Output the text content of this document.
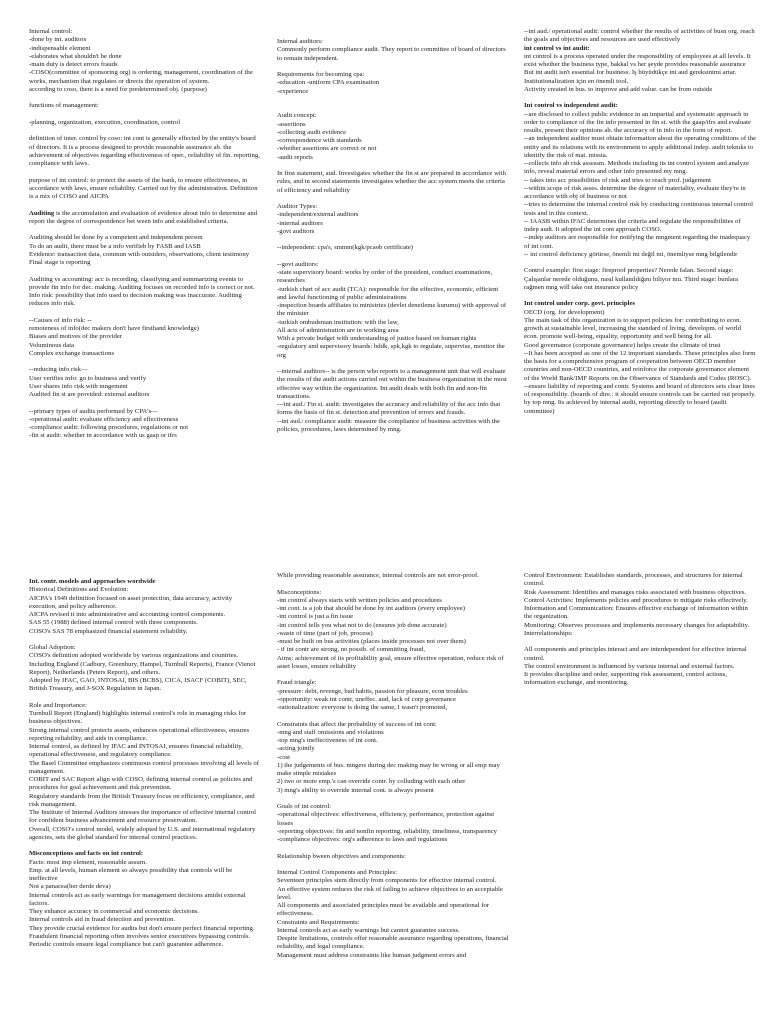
Internal control:

-done by int. auditors

-indispensable element

-elaborates what shouldn't be done

-main duty is detect errors frauds

-COSO(committee of sponsoring org) is ordering, management, coordination of the works, mechanism that regulates or directs the operation of system.

according to coso, there is a need for predetermined obj. (purpose)

functions of management:

-planning, organization, execution, coordination, control

definition of inter. control by coso: int cont is generally effected by the entity's board of directors. It is a process designed to provide reasonable assurance ab. the achievement of objectives regarding effectiveness of oper., reliability of fin. reporting, compliance with laws.

purpose of int control: to protect the assets of the bank, to ensure effectiveness, in accordance with laws, ensure reliability. Carried out by the administration. Definition is a mix of COSO and AICPA

Auditing is the accumulation and evaluation of evidence about info to determine and report the degree of correspondence bet ween info and established criteria.

Auditing should be done by a competent and independent person

To do an audit, there must be a info verifieb by FASB and IASB

Evidence: transaction data, commun with outsiders, observations, client testimony

Final stage is reporting

Auditing vs accounting: acc is recording, classifying and summarizing events to provide fin info for dec. making. Auditing focuses on recorded info is correct or not.

Info risk: possibility that info used to decision making was inaccurate. Auditing reduces info risk.

--Causes of info risk: --

remoteness of info(dec makers don't have firsthand knowledge)

Biases and motives of the provider

Voluminous data

Complex exchange transactions

--reducing info risk—

User verifies info: go to business and verify

User shares info risk with mngement

Audited fin st are provided: external auditors

--primary types of audits performed by CPA's—

-operational audit: evaluate efficiency and effectiveness

-compliance audit: following procedures, regulations or not

-fin st audit: whether in accordance with us gaap or ifrs

Internal auditors:

Commonly perform compliance audit. They report to committee of board of directors to remain independent.

Requirements for becoming cpa:

-education -uniform CPA examination

-experience

Audit concept:

-assertions

-collecting audit evidence

-correspondence with standards

-whether assertions are correct or not

-audit reports

In first statement, aud. Investigates whether the fin st are prepared in accordance with rules, and in second statements investigates whether the acc system meets the criteria of efficiency and reliability

Auditor Types:

-independent/external auditors

-internal auditors

-govt auditors

--independent: cpa's, smmm(kgk/pcaob certificate)

--govt auditors:

-state supervisory board: works by order of the president, conduct examinations, researches

-turkish chart of acc audit (TCA): responsible for the effective, economic, efficient and lawful functioning of public administrations

-inspection boards affiliates to ministries (devlet denetleme kurumu) with approval of the minister

-turkish ombudsman institution: with the law,

All acts of administration are in working area

With a private budget with understanding of justice based on human rights

-regulatory and supervisory boards: bddk, spk,kgk to regulate, supervise, monitor the org

--internal auditors-- is the person who reports to a management unit that will evaluate the results of the audit actions carried out within the business organization in the most effective way within the organization. Int audit deals with both fin and non-fin transactions.

---int aud./ Fin st. audit: investigates the accuracy and reliability of the acc info that forms the basis of fin st. detection and prevention of errors and frauds.

--int aud./ compliance audit: measure the compliance of business activities with the policies, procedures, laws determined by mng.

--int aud./ operational audit: control whether the results of activities of busn org. reach the goals and objectives and resources are used effectively

int control vs int audit:

int control is a process operated under the responsibility of employees at all levels. It exist whether the business type, bakkal vs her şeyde provides reasonable assurance

But int audit isn't essential for business. İş büyüdükçe int aud gereksinimi artar. Institutionalization için en önemli tool.

Activity created in bus. to improve and add value. can be from outside

Int control vs independent audit:

--are disclosed to collect public evidence in an impartial and systematic approach in order to compliance of the fin info presented in fin st. with the gaap/ifrs and evaluate results, present their opinions ab. the accuracy of in info in the form of report.

--an independent auditor must obtain information about the operating conditions of the entity and its relations with its environment to apply additional indep. audit teknıks to identify the risk of mat. missta.

--collects info ab risk assessm. Methods including its int control system and analyze info, reveal material errors and other info presented my mng.

-- takes into acc possibilities of risk and tries to reach prof. judgement

--within scope of risk asses. determine the degree of materiality, evaluate they're in accordance with obj of business or not

--tries to determine the internal control risk by conducting continuous internal control tests and in this context.

-- IAASB within IFAC determines the criteria and regulate the responsibilities of indep audt. It adopted the int cont approach COSO.

--indep auditors are responsible for notifying the mngment regarding the inadequacy of int cont.

-- int control deficiency görürse, önemli mi değil mi, önemliyse mng bilgilendir

Control example: first stage: fireproof properties? Nerede falan. Second stage: Çalışanlar nerede olduğunu, nasıl kullanıldığını biliyor mu. Third stage: bunlara rağmen mng will take out insurance policy

Int control under corp. govt. principles

OECD (org. for development)

The main task of this organization is to support policies for: contributing to econ. growth at sustainable level, increasing the standard of living, developm. of world econ. promote well-being, equality, opportunity and well being for all.

Good governance (corporate governance) helps create the climate of trust

--It has been accepted as one of the 12 important standards. These principles also form the basis for a comprehensive program of cooperation between OECD member countries and non-OECD countries, and reinforce the corporate governance element of the World Bank/IMF Reports on the Observance of Standards and Codes (ROSC).

--ensure liability of reporting and contr. Systems and board of directors sets clear lines of responsibility. (boards of dire.: it should ensure controls can be carried out properly. by top mng. Its achieved by internal audit, reporting directly to board (audit committee)

Int. contr. models and approaches wordwide

Historical Definitions and Evolution:

AICPA's 1949 definition focused on asset protection, data accuracy, activity execution, and policy adherence.

AICPA revised it into administrative and accounting control components.

SAS 55 (1988) defined internal control with three components.

COSO's SAS 78 emphasized financial statement reliability.

Global Adoption:

COSO's definition adopted worldwide by various organizations and countries.

Including England (Cadbury, Greenbury, Hampel, Turnbull Reports), France (Vienot Report), Netherlands (Peters Report), and others.

Adopted by IFAC, GAO, INTOSAI, BIS (BCBS), CICA, ISACF (COBIT), SEC, British Treasury, and J-SOX Regulation in Japan.

Role and Importance:

Turnbull Report (England) highlights internal control's role in managing risks for business objectives.

Strong internal control protects assets, enhances operational effectiveness, ensures reporting reliability, and aids in compliance.

Internal control, as defined by IFAC and INTOSAI, ensures financial reliability, operational effectiveness, and regulatory compliance.

The Basel Committee emphasizes continuous control processes involving all levels of management.

COBIT and SAC Report align with COSO, defining internal control as policies and procedures for goal achievement and risk prevention.

Regulatory standards from the British Treasury focus on efficiency, compliance, and risk management.

The Institute of Internal Auditors stresses the importance of effective internal control for confident business advancement and resource preservation.

Overall, COSO's control model, widely adopted by U.S. and international regulatory agencies, sets the global standard for internal control practices.

Misconceptions and facts on int control:

Facts: most imp element, reasonable assurn.

Emp. at all levels, human element so always possibility that controls will be ineffective

Not a panacea(her derde deva)

Internal controls act as early warnings for management decisions amidst external factors.

They enhance accuracy in commercial and economic decisions.

Internal controls aid in fraud detection and prevention.

They provide crucial evidence for audits but don't ensure perfect financial reporting.

Fraudulent financial reporting often involves senior executives bypassing controls.

Periodic controls ensure legal compliance but can't guarantee adherence.

While providing reasonable assurance, internal controls are not error-proof.

Misconceptions:

-int control always starts with written policies and procedures

-int cont. is a job that should be done by int auditors (every employee)

-int control is just a fin issue

-int control tells you what not to do (ensures job done accurate)

-waste of time (part of job, process)

-must be built on bus activities (places inside processes not over them)

- if int contr are strong, no possib. of committing fraud,

Aims: achievement of its profitability goal, ensure effective operation, reduce risk of asset losses, ensure reliability

Fraud triangle:

-pressure: debt, revenge, bad habits, passion for pleasure, econ troubles

-opportunity: weak int contr, uneffec. aud, lack of corp governance

-rationalization: everyone is doing the same, I wasn't promoted,

Constraints that affect the probability of success of int cont:

-mng and staff omissions and violations

-top mng's ineffectiveness of int cont.

-acting jointly

-cost

1) the judgements of bus. mngers during dec making may be wrong or all emp may make simple mistakes

2) two or more emp.'s can override contr. by colluding with each other

3) mng's ability to override internal cont. is always present

Goals of int control:

-operational objectives: effectiveness, efficiency, performance, protection against losses

-reporting objectives: fin and nonfin reporting, reliability, timeliness, transparency

-compliance objectives: org's adherence to laws and regulations

Relationship bween objectives and components:

Internal Control Components and Principles:

Seventeen principles stem directly from components for effective internal control.

An effective system reduces the risk of failing to achieve objectives to an acceptable level.

All components and associated principles must be available and operational for effectiveness.

Constraints and Requirements:

Internal controls act as early warnings but cannot guarantee success.

Despite limitations, controls offer reasonable assurance regarding operations, financial reliability, and legal compliance.

Management must address constraints like human judgment errors and

Control Environment: Establishes standards, processes, and structures for internal control.

Risk Assessment: Identifies and manages risks associated with business objectives.

Control Activities: Implements policies and procedures to mitigate risks effectively.

Information and Communication: Ensures effective exchange of information within the organization.

Monitoring: Observes processes and implements necessary changes for adaptability.

Interrelationships:

All components and principles interact and are interdependent for effective internal control.

The control environment is influenced by various internal and external factors.

It provides discipline and order, supporting risk assessment, control actions, information exchange, and monitoring.
